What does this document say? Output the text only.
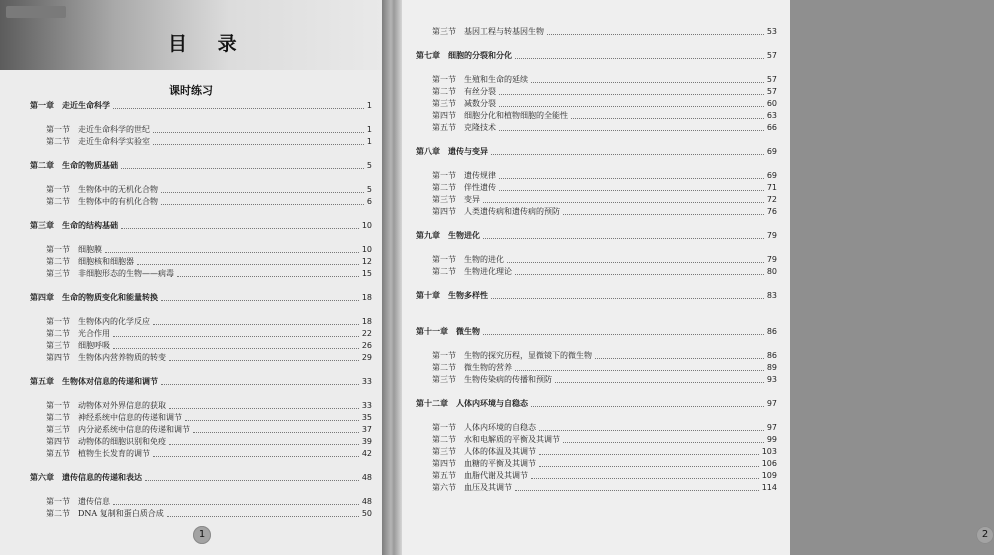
目 录
课时练习
第一章	走近生命科学	1
第一节	走近生命科学的世纪	1
第二节	走近生命科学实验室	1
第二章	生命的物质基础	5
第一节	生物体中的无机化合物	5
第二节	生物体中的有机化合物	6
第三章	生命的结构基础	10
第一节	细胞膜	10
第二节	细胞核和细胞器	12
第三节	非细胞形态的生物——病毒	15
第四章	生命的物质变化和能量转换	18
第一节	生物体内的化学反应	18
第二节	光合作用	22
第三节	细胞呼吸	26
第四节	生物体内营养物质的转变	29
第五章	生物体对信息的传递和调节	33
第一节	动物体对外界信息的获取	33
第二节	神经系统中信息的传递和调节	35
第三节	内分泌系统中信息的传递和调节	37
第四节	动物体的细胞识别和免疫	39
第五节	植物生长发育的调节	42
第六章	遗传信息的传递和表达	48
第一节	遗传信息	48
第二节	DNA 复制和蛋白质合成	50
1
第三节	基因工程与转基因生物	53
第七章	细胞的分裂和分化	57
第一节	生殖和生命的延续	57
第二节	有丝分裂	57
第三节	减数分裂	60
第四节	细胞分化和植物细胞的全能性	63
第五节	克隆技术	66
第八章	遗传与变异	69
第一节	遗传规律	69
第二节	伴性遗传	71
第三节	变异	72
第四节	人类遗传病和遗传病的预防	76
第九章	生物进化	79
第一节	生物的进化	79
第二节	生物进化理论	80
第十章	生物多样性	83
第十一章	微生物	86
第一节	生物的探究历程，显微镜下的微生物	86
第二节	微生物的营养	89
第三节	生物传染病的传播和预防	93
第十二章	人体内环境与自稳态	97
第一节	人体内环境的自稳态	97
第二节	水和电解质的平衡及其调节	99
第三节	人体的体温及其调节	103
第四节	血糖的平衡及其调节	106
第五节	血脂代谢及其调节	109
第六节	血压及其调节	114
2
